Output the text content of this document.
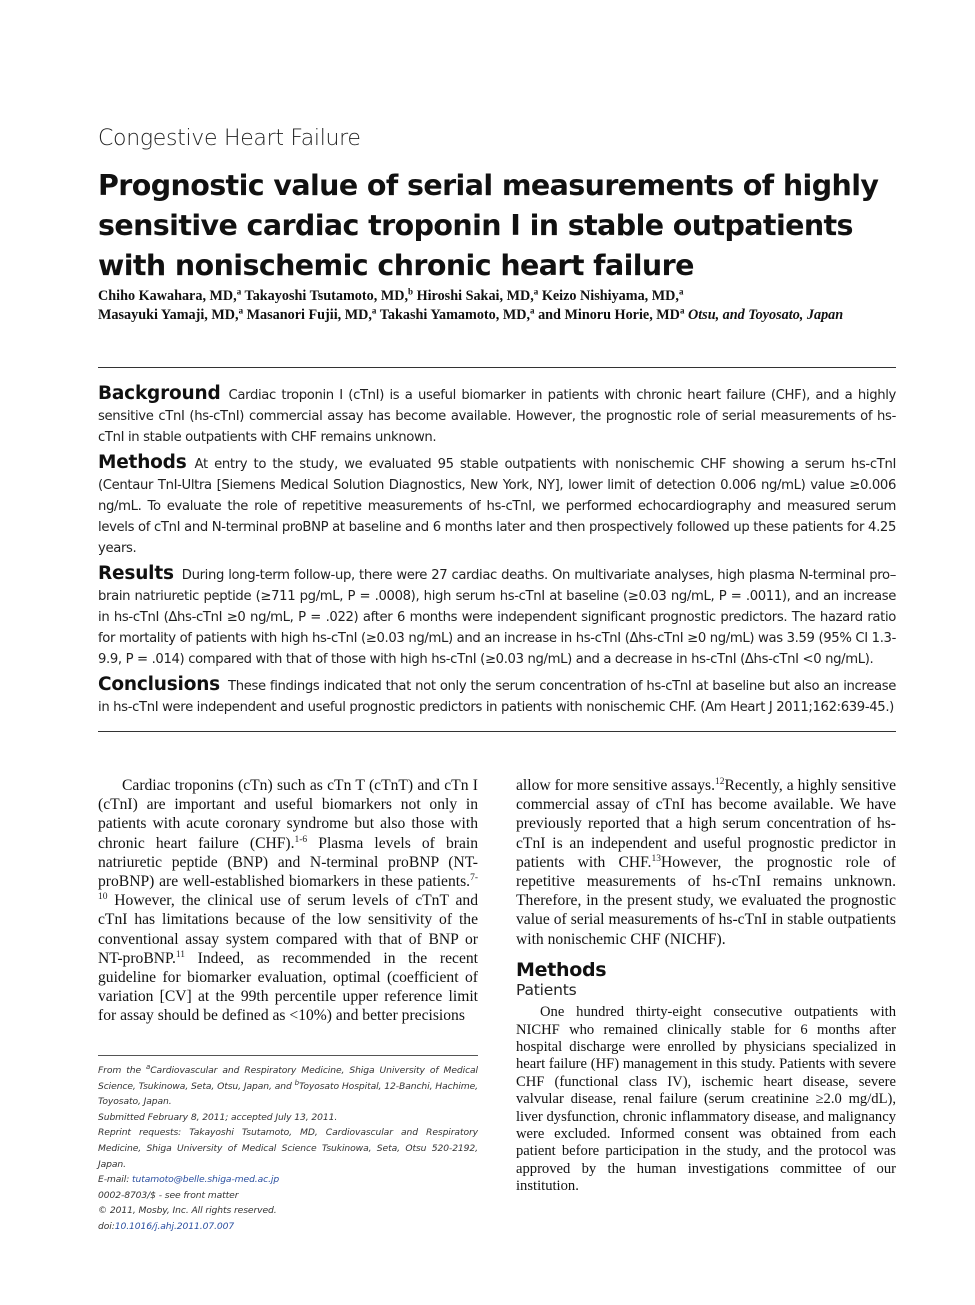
Congestive Heart Failure
Prognostic value of serial measurements of highly sensitive cardiac troponin I in stable outpatients with nonischemic chronic heart failure
Chiho Kawahara, MD,$^a$ Takayoshi Tsutamoto, MD,$^b$ Hiroshi Sakai, MD,$^a$ Keizo Nishiyama, MD,$^a$
Masayuki Yamaji, MD,$^a$ Masanori Fujii, MD,$^a$ Takashi Yamamoto, MD,$^a$ and Minoru Horie, $MD^a$ Otsu, and Toyosato, Japan

Background Cardiac troponin I (cTnI) is a useful biomarker in patients with chronic heart failure (CHF), and a highly sensitive cTnI (hs-cTnI) commercial assay has become available. However, the prognostic role of serial measurements of hs-cTnI in stable outpatients with CHF remains unknown.

Methods At entry to the study, we evaluated 95 stable outpatients with nonischemic CHF showing a serum hs-cTnI (Centaur TnI-Ultra [Siemens Medical Solution Diagnostics, New York, NY], lower limit of detection 0.006 ng/mL) value ≥0.006 ng/mL. To evaluate the role of repetitive measurements of hs-cTnI, we performed echocardiography and measured serum levels of cTnI and N-terminal proBNP at baseline and 6 months later and then prospectively followed up these patients for 4.25 years.

Results During long-term follow-up, there were 27 cardiac deaths. On multivariate analyses, high plasma N-terminal pro–brain natriuretic peptide (≥711 pg/mL, P = .0008), high serum hs-cTnI at baseline (≥0.03 ng/mL, P = .0011), and an increase in hs-cTnI (Δhs-cTnI ≥0 ng/mL, P = .022) after 6 months were independent significant prognostic predictors. The hazard ratio for mortality of patients with high hs-cTnI (≥0.03 ng/mL) and an increase in hs-cTnI (Δhs-cTnI ≥0 ng/mL) was 3.59 (95% CI 1.3-9.9, P = .014) compared with that of those with high hs-cTnI (≥0.03 ng/mL) and a decrease in hs-cTnI (Δhs-cTnI <0 ng/mL).

Conclusions These findings indicated that not only the serum concentration of hs-cTnI at baseline but also an increase in hs-cTnI were independent and useful prognostic predictors in patients with nonischemic CHF. (Am Heart J 2011;162:639-45.)

Cardiac troponins (cTn) such as cTn T (cTnT) and cTn I (cTnI) are important and useful biomarkers not only in patients with acute coronary syndrome but also those with chronic heart failure (CHF).$^{1-6}$ Plasma levels of brain natriuretic peptide (BNP) and N-terminal proBNP (NT-proBNP) are well-established biomarkers in these patients.$^{7-10}$ However, the clinical use of serum levels of cTnT and cTnI has limitations because of the low sensitivity of the conventional assay system compared with that of BNP or NT-proBNP.$^{11}$ Indeed, as recommended in the recent guideline for biomarker evaluation, optimal (coefficient of variation [CV] at the 99th percentile upper reference limit for assay should be defined as <10%) and better precisions

From the $^a$Cardiovascular and Respiratory Medicine, Shiga University of Medical Science, Tsukinowa, Seta, Otsu, Japan, and $^b$Toyosato Hospital, 12-Banchi, Hachime, Toyosato, Japan.

Submitted February 8, 2011; accepted July 13, 2011.

Reprint requests: Takayoshi Tsutamoto, MD, Cardiovascular and Respiratory Medicine, Shiga University of Medical Science Tsukinowa, Seta, Otsu 520-2192, Japan.

E-mail: tutamoto@belle.shiga-med.ac.jp

0002-8703/$ - see front matter

© 2011, Mosby, Inc. All rights reserved.

doi:10.1016/j.ahj.2011.07.007

allow for more sensitive assays.$^{12}$Recently, a highly sensitive commercial assay of cTnI has become available. We have previously reported that a high serum concentration of hs-cTnI is an independent and useful prognostic predictor in patients with CHF.$^{13}$However, the prognostic role of repetitive measurements of hs-cTnI remains unknown. Therefore, in the present study, we evaluated the prognostic value of serial measurements of hs-cTnI in stable outpatients with nonischemic CHF (NICHF).

Methods
Patients

One hundred thirty-eight consecutive outpatients with NICHF who remained clinically stable for 6 months after hospital discharge were enrolled by physicians specialized in heart failure (HF) management in this study. Patients with severe CHF (functional class IV), ischemic heart disease, severe valvular disease, renal failure (serum creatinine ≥2.0 mg/dL), liver dysfunction, chronic inflammatory disease, and malignancy were excluded. Informed consent was obtained from each patient before participation in the study, and the protocol was approved by the human investigations committee of our institution.
